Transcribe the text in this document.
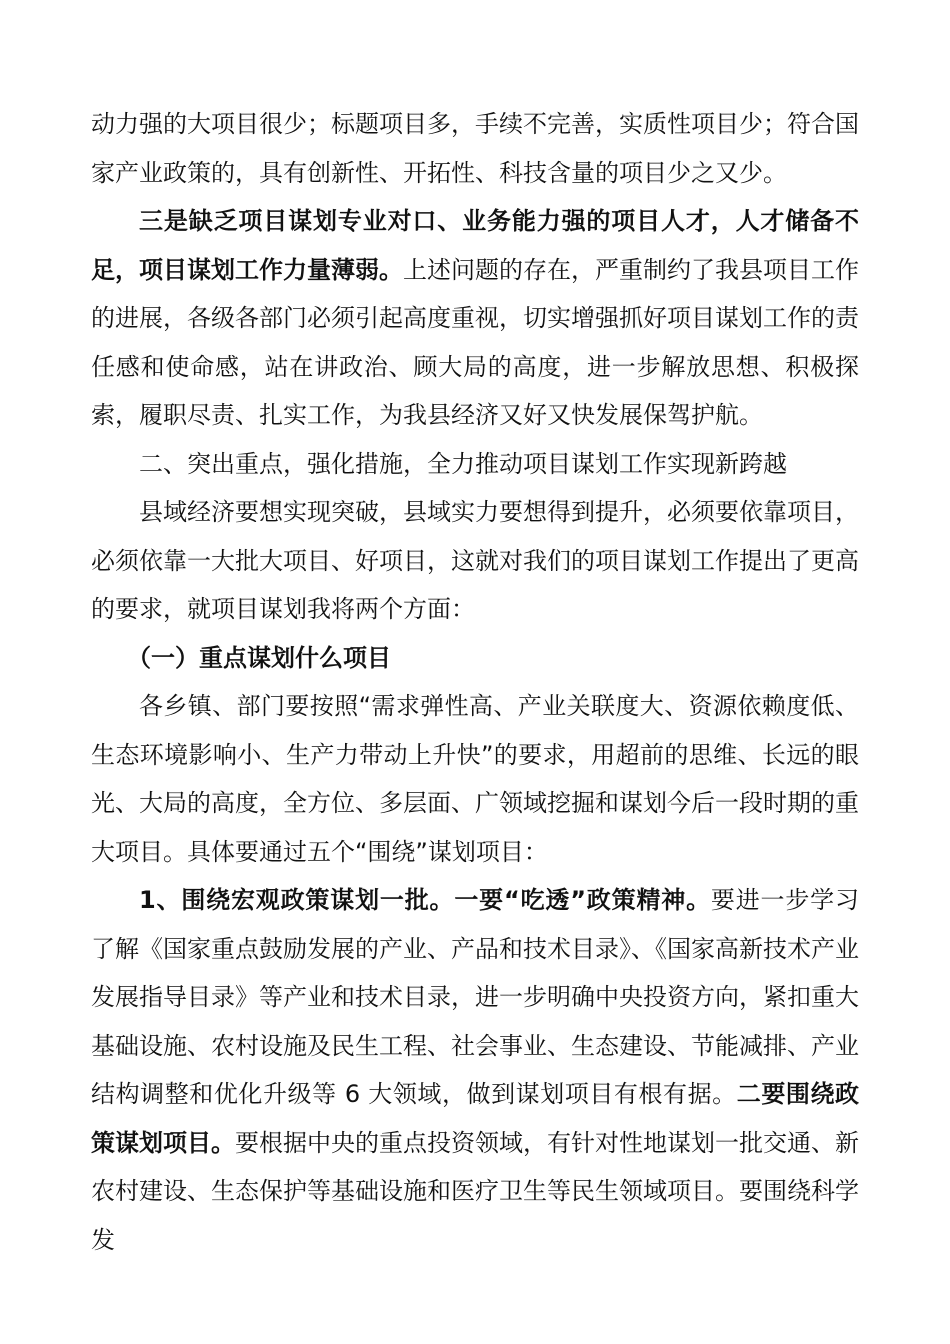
动力强的大项目很少；标题项目多，手续不完善，实质性项目少；符合国家产业政策的，具有创新性、开拓性、科技含量的项目少之又少。

三是缺乏项目谋划专业对口、业务能力强的项目人才，人才储备不足，项目谋划工作力量薄弱。上述问题的存在，严重制约了我县项目工作的进展，各级各部门必须引起高度重视，切实增强抓好项目谋划工作的责任感和使命感，站在讲政治、顾大局的高度，进一步解放思想、积极探索，履职尽责、扎实工作，为我县经济又好又快发展保驾护航。

二、突出重点，强化措施，全力推动项目谋划工作实现新跨越

县域经济要想实现突破，县域实力要想得到提升，必须要依靠项目，必须依靠一大批大项目、好项目，这就对我们的项目谋划工作提出了更高的要求，就项目谋划我将两个方面：

（一）重点谋划什么项目

各乡镇、部门要按照“需求弹性高、产业关联度大、资源依赖度低、生态环境影响小、生产力带动上升快”的要求，用超前的思维、长远的眼光、大局的高度，全方位、多层面、广领域挖掘和谋划今后一段时期的重大项目。具体要通过五个“围绕”谋划项目：

1、围绕宏观政策谋划一批。一要“吃透”政策精神。要进一步学习了解《国家重点鼓励发展的产业、产品和技术目录》、《国家高新技术产业发展指导目录》等产业和技术目录，进一步明确中央投资方向，紧扣重大基础设施、农村设施及民生工程、社会事业、生态建设、节能减排、产业结构调整和优化升级等 6 大领域，做到谋划项目有根有据。二要围绕政策谋划项目。要根据中央的重点投资领域，有针对性地谋划一批交通、新农村建设、生态保护等基础设施和医疗卫生等民生领域项目。要围绕科学发
